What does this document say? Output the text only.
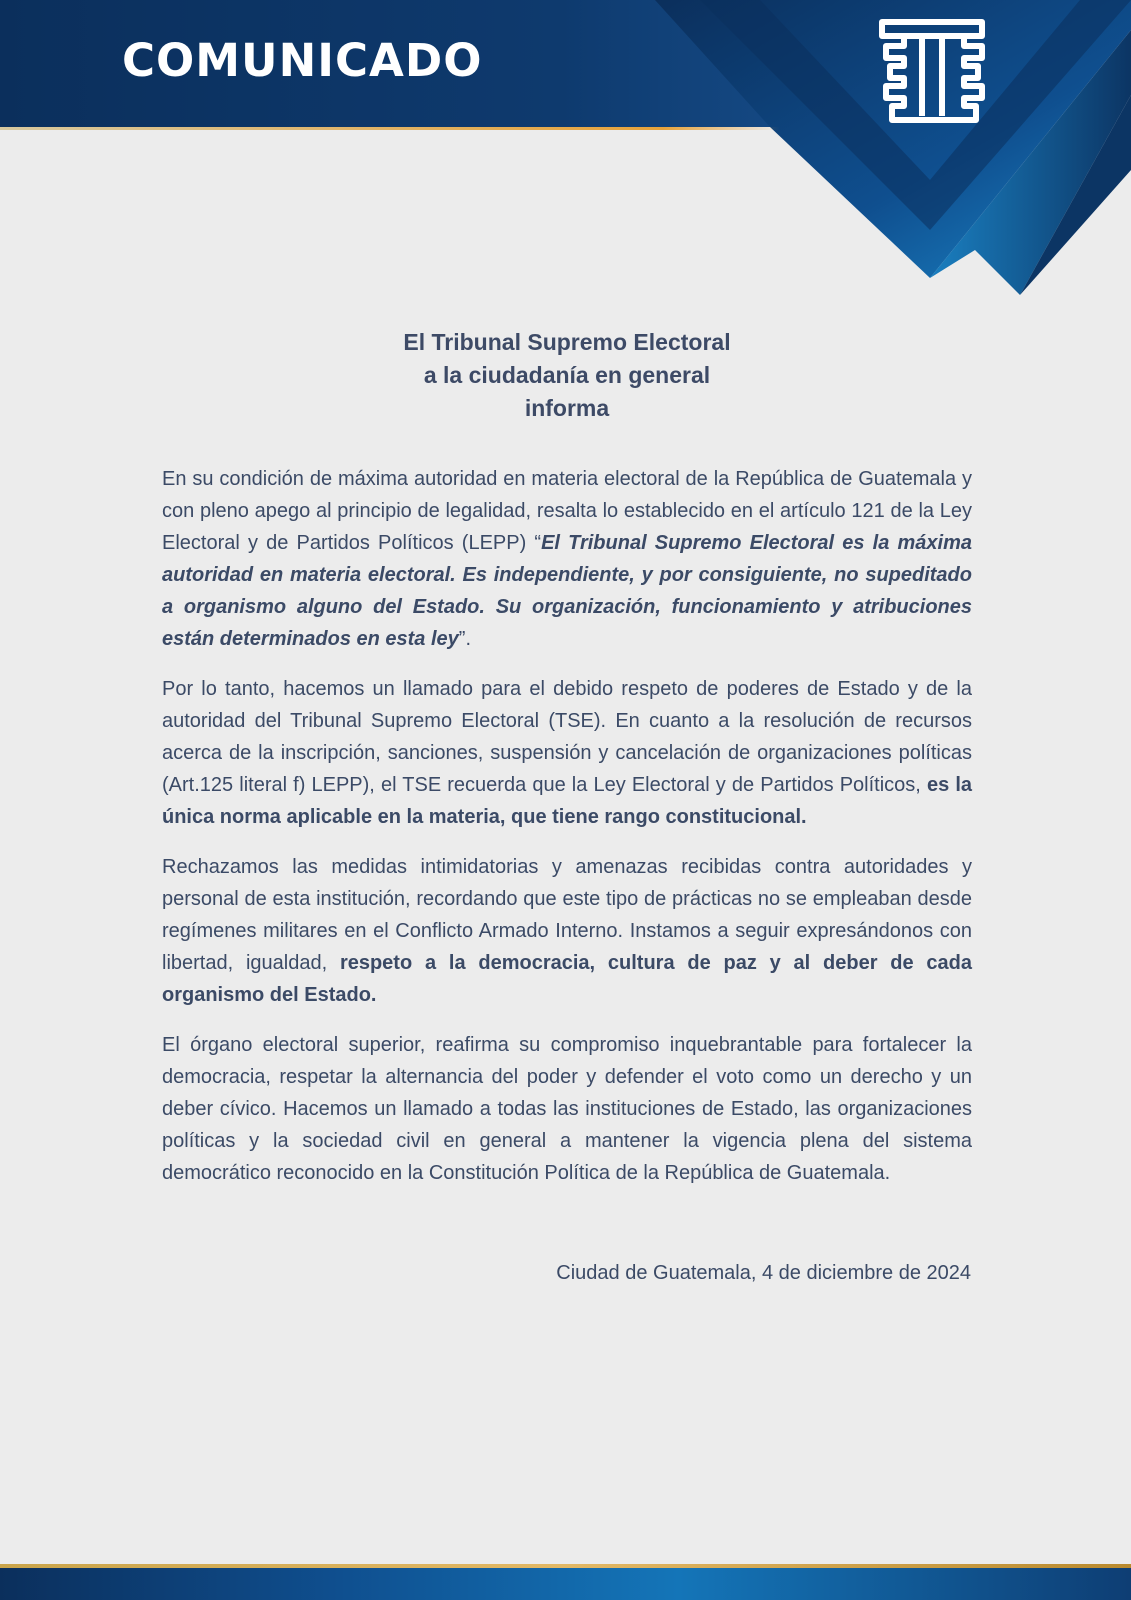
COMUNICADO
El Tribunal Supremo Electoral
a la ciudadanía en general
informa

En su condición de máxima autoridad en materia electoral de la República de Guatemala y con pleno apego al principio de legalidad, resalta lo establecido en el artículo 121 de la Ley Electoral y de Partidos Políticos (LEPP) “El Tribunal Supremo Electoral es la máxima autoridad en materia electoral. Es independiente, y por consiguiente, no supeditado a organismo alguno del Estado. Su organización, funcionamiento y atribuciones están determinados en esta ley”.

Por lo tanto, hacemos un llamado para el debido respeto de poderes de Estado y de la autoridad del Tribunal Supremo Electoral (TSE). En cuanto a la resolución de recursos acerca de la inscripción, sanciones, suspensión y cancelación de organizaciones políticas (Art.125 literal f) LEPP), el TSE recuerda que la Ley Electoral y de Partidos Políticos, es la única norma aplicable en la materia, que tiene rango constitucional.

Rechazamos las medidas intimidatorias y amenazas recibidas contra autoridades y personal de esta institución, recordando que este tipo de prácticas no se empleaban desde regímenes militares en el Conflicto Armado Interno. Instamos a seguir expresándonos con libertad, igualdad, respeto a la democracia, cultura de paz y al deber de cada organismo del Estado.

El órgano electoral superior, reafirma su compromiso inquebrantable para fortalecer la democracia, respetar la alternancia del poder y defender el voto como un derecho y un deber cívico. Hacemos un llamado a todas las instituciones de Estado, las organizaciones políticas y la sociedad civil en general a mantener la vigencia plena del sistema democrático reconocido en la Constitución Política de la República de Guatemala.

Ciudad de Guatemala, 4 de diciembre de 2024
